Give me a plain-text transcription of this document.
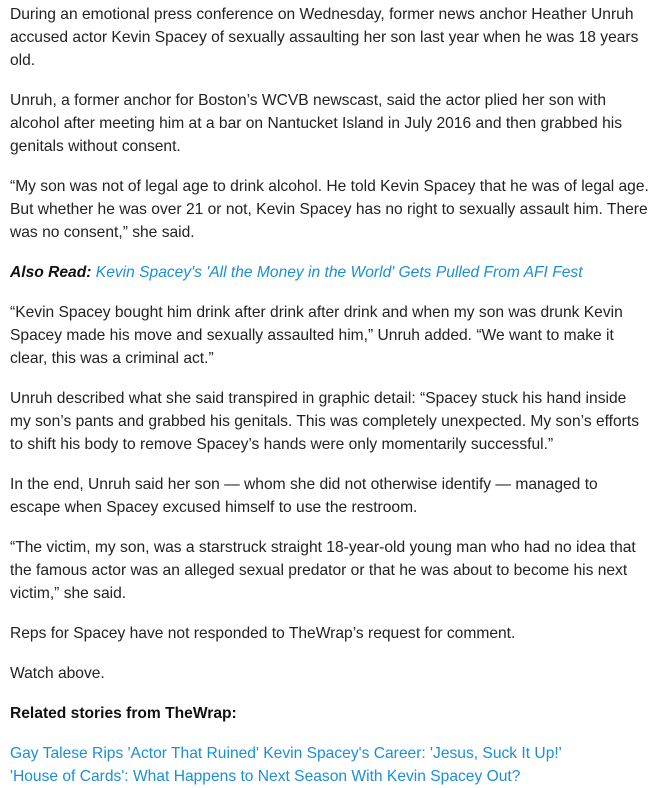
During an emotional press conference on Wednesday, former news anchor Heather Unruh accused actor Kevin Spacey of sexually assaulting her son last year when he was 18 years old.

Unruh, a former anchor for Boston’s WCVB newscast, said the actor plied her son with alcohol after meeting him at a bar on Nantucket Island in July 2016 and then grabbed his genitals without consent.

“My son was not of legal age to drink alcohol. He told Kevin Spacey that he was of legal age. But whether he was over 21 or not, Kevin Spacey has no right to sexually assault him. There was no consent,” she said.

Also Read: Kevin Spacey's 'All the Money in the World' Gets Pulled From AFI Fest

“Kevin Spacey bought him drink after drink after drink and when my son was drunk Kevin Spacey made his move and sexually assaulted him,” Unruh added. “We want to make it clear, this was a criminal act.”

Unruh described what she said transpired in graphic detail: “Spacey stuck his hand inside my son’s pants and grabbed his genitals. This was completely unexpected. My son’s efforts to shift his body to remove Spacey’s hands were only momentarily successful.”

In the end, Unruh said her son — whom she did not otherwise identify — managed to escape when Spacey excused himself to use the restroom.

“The victim, my son, was a starstruck straight 18-year-old young man who had no idea that the famous actor was an alleged sexual predator or that he was about to become his next victim,” she said.

Reps for Spacey have not responded to TheWrap’s request for comment.

Watch above.

Related stories from TheWrap:

Gay Talese Rips 'Actor That Ruined' Kevin Spacey's Career: 'Jesus, Suck It Up!'
'House of Cards': What Happens to Next Season With Kevin Spacey Out?
